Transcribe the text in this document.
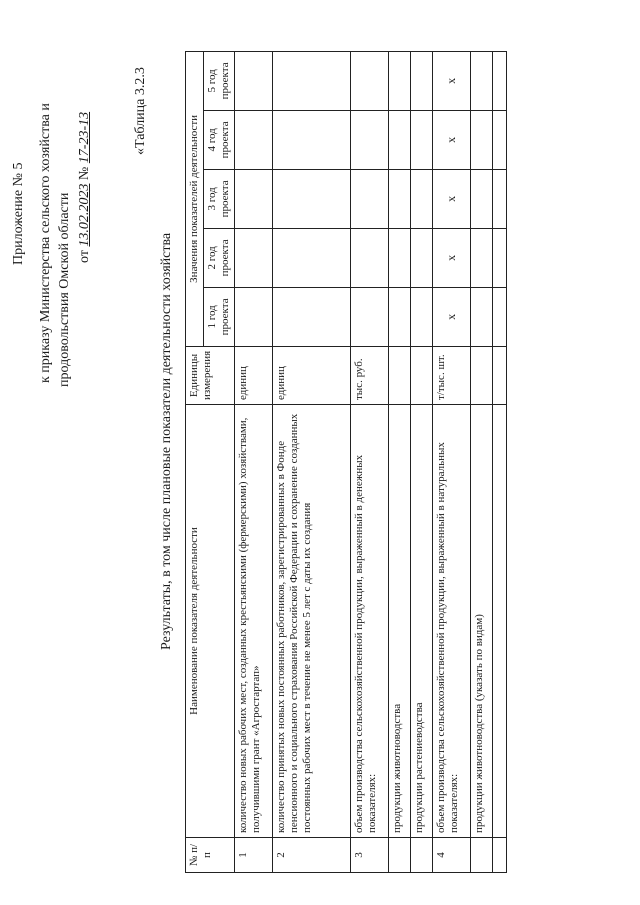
Приложение № 5 к приказу Министерства сельского хозяйства и продовольствия Омской области от 13.02.2023 № 17-23-13	«Таблица 3.2.3
Результаты, в том числе плановые показатели деятельности хозяйства
№ п/п	Наименование показателя деятельности	Единицы измерения	Значения показателей деятельности				
			1 год проекта	2 год проекта	3 год проекта	4 год проекта	5 год проекта
1	количество новых рабочих мест, созданных крестьянскими (фермерскими) хозяйствами, получившими грант «Агростартап»	единиц					
2	количество принятых новых постоянных работников, зарегистрированных в Фонде пенсионного и социального страхования Российской Федерации и сохранение созданных постоянных рабочих мест в течение не менее 5 лет с даты их создания	единиц					
3	объем производства сельскохозяйственной продукции, выраженный в денежных показателях:	тыс. руб.					
	продукции животноводства						
	продукции растениеводства						
4	объем производства сельскохозяйственной продукции, выраженный в натуральных показателях:	т/тыс. шт.	х	х	х	х	х
	продукции животноводства (указать по видам)						
